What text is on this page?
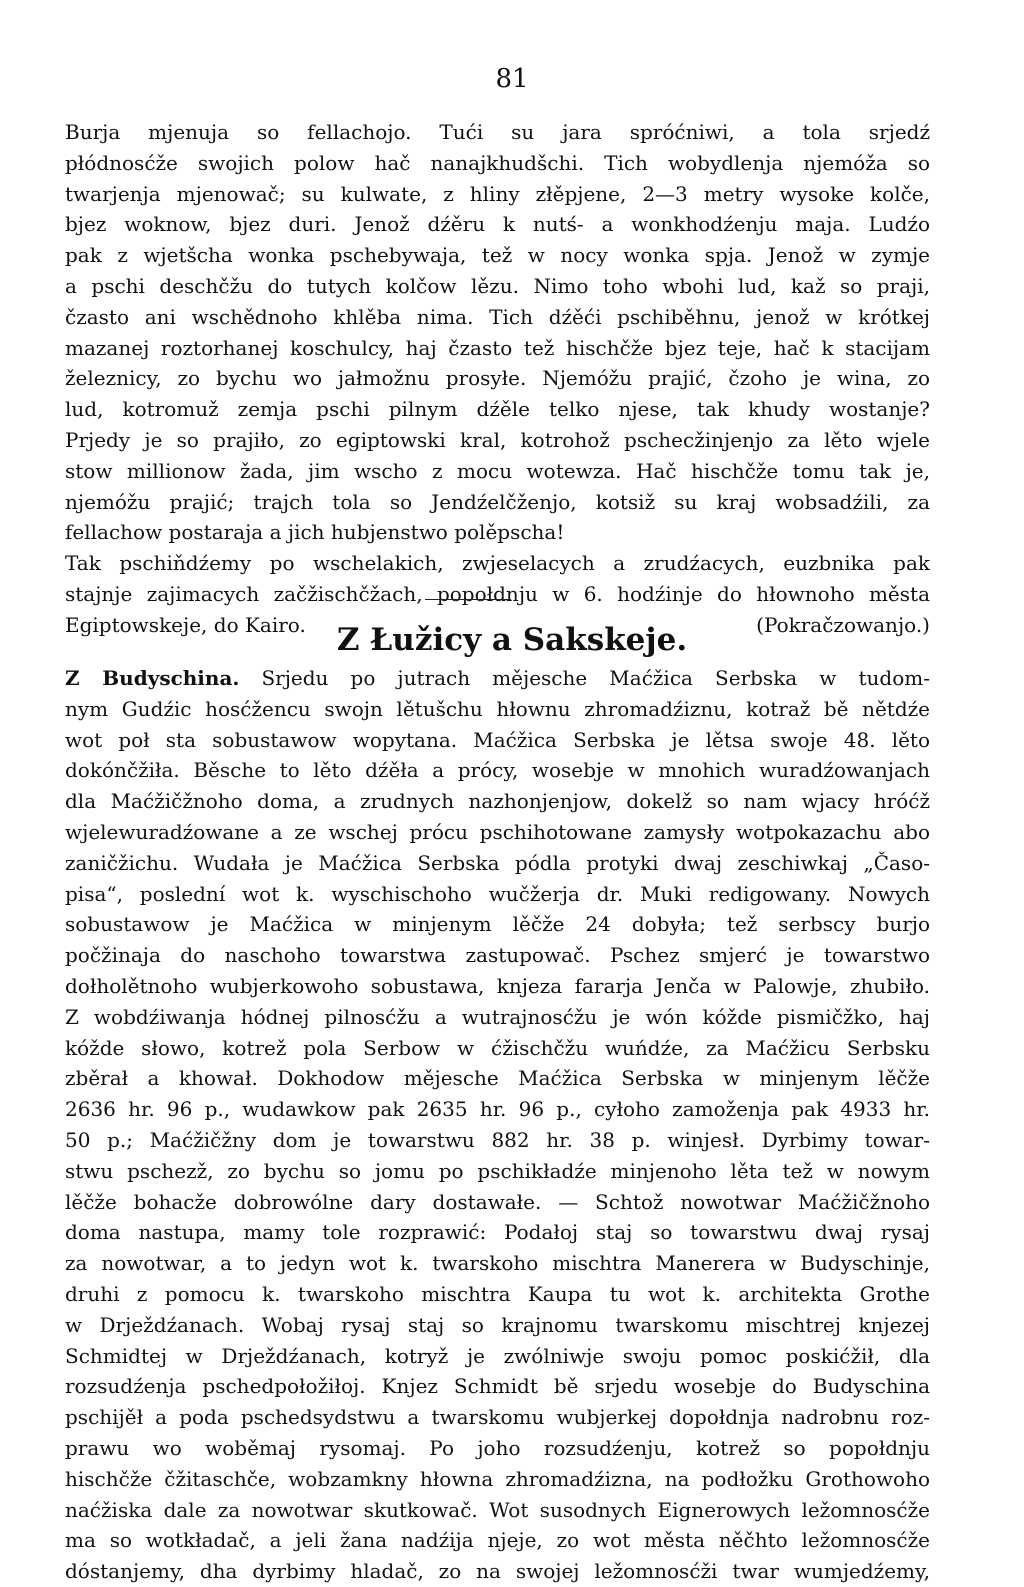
81
Burja mjenuja so fellachojo. Tući su jara spróćniwi, a tola srjedź
płódnosćže swojich polow hač nanajkhudšchi. Tich wobydlenja njemóža so
twarjenja mjenowač; su kulwate, z hliny złěpjene, 2—3 metry wysoke kolče,
bjez woknow, bjez duri. Jenož dźěru k nutś- a wonkhodźenju maja. Ludźo
pak z wjetšcha wonka pschebywaja, tež w nocy wonka spja. Jenož w zymje
a pschi deschčžu do tutych kolčow lězu. Nimo toho wbohi lud, kaž so praji,
čzasto ani wschědnoho khlěba nima. Tich dźěći pschiběhnu, jenož w krótkej
mazanej roztorhanej koschulcy, haj čzasto tež hischčže bjez teje, hač k staciјam
železnicy, zo bychu wo jałmožnu prosyłe. Njemóžu prajić, čzoho je wina, zo
lud, kotromuž zemja pschi pilnym dźěle telko njese, tak khudy wostanje?
Prjedy je so prajiło, zo egiptowski kral, kotrohož pschecžinjenjo za lěto wjele
stow millionow žada, jim wscho z mocu wotewza. Hač hischčže tomu tak je,
njemóžu prajić; trajch tola so Jendźelčženjo, kotsiž su kraj wobsadźili, za
fellachow postaraja a jich hubjenstwo polěpscha!
Tak pschiňdźemy po wschelakich, zwjeselacych a zrudźacych, euzbnika pak
stajnje zajimacych začžischčžach, popołdnju w 6. hodźinje do hłownoho města
Egiptowskeje, do Kairo.	(Pokračzowanjo.)
Z Łužicy a Sakskeje.
Z Budyschina. Srjedu po jutrach mějesche Maćžica Serbska w tudom-
nym Gudźic hosćžencu swojn lětušchu hłownu zhromadźiznu, kotraž bě nětdźe
wot poł sta sobustawow wopytana. Maćžica Serbska je lětsa swoje 48. lěto
dokónčžiła. Běsche to lěto dźěła a prócy, wosebje w mnohich wuradźowanjach
dla Maćžičžnoho doma, a zrudnych nazhonjenjow, dokelž so nam wjacy hróćž
wjelewuradźowane a ze wschej prócu pschihotowane zamysły wotpokazachu abo
zaničžichu. Wudała je Maćžica Serbska pódla protyki dwaj zeschiwkaj „Časo-
pisa“, poslední wot k. wyschischoho wučžerja dr. Muki redigowany. Nowych
sobustawow je Maćžica w minjenym lěčže 24 dobyła; tež serbscy burjo
počžinaja do naschoho towarstwa zastupowač. Pschez smjerć je towarstwo
dołholětnoho wubjerkowoho sobustawa, knjeza fararja Jenča w Palowje, zhubiło.
Z wobdźiwanja hódnej pilnosćžu a wutrajnosćžu je wón kóžde pismičžko, haj
kóžde słowo, kotrež pola Serbow w ćžischčžu wuńdźe, za Maćžicu Serbsku
zběrał a khował. Dokhodow mějesche Maćžica Serbska w minjenym lěčže
2636 hr. 96 p., wudawkow pak 2635 hr. 96 p., cyłoho zamoženja pak 4933 hr.
50 p.; Maćžičžny dom je towarstwu 882 hr. 38 p. winjesł. Dyrbimy towar-
stwu pschezž, zo bychu so jomu po pschikładźe minjenoho lěta tež w nowym
lěčže bohacže dobrowólne dary dostawałe. — Schtož nowotwar Maćžičžnoho
doma nastupa, mamy tole rozprawić: Podałoj staj so towarstwu dwaj rysaj
za nowotwar, a to jedyn wot k. twarskoho mischtra Manerera w Budyschinje,
druhi z pomocu k. twarskoho mischtra Kaupa tu wot k. architekta Grothe
w Drježdźanach. Wobaj rysaj staj so krajnomu twarskomu mischtrej knjezej
Schmidtej w Drježdźanach, kotryž je zwólniwje swoju pomoc poskićžił, dla
rozsudźenja pschedpołožiłoj. Knjez Schmidt bě srjedu wosebje do Budyschina
pschijěł a poda pschedsydstwu a twarskomu wubjerkej dopołdnja nadrobnu roz-
prawu wo woběmaj rysomaj. Po joho rozsudźenju, kotrež so popołdnju
hischčže čžitaschče, wobzamkny hłowna zhromadźizna, na podłožku Grothowoho
naćžiska dale za nowotwar skutkowač. Wot susodnych Eignerowych ležomnosćže
ma so wotkładač, a jeli žana nadźija njeje, zo wot města něčhto ležomnosćže
dóstanjemy, dha dyrbimy hladač, zo na swojej ležomnosćži twar wumjedźemy,
